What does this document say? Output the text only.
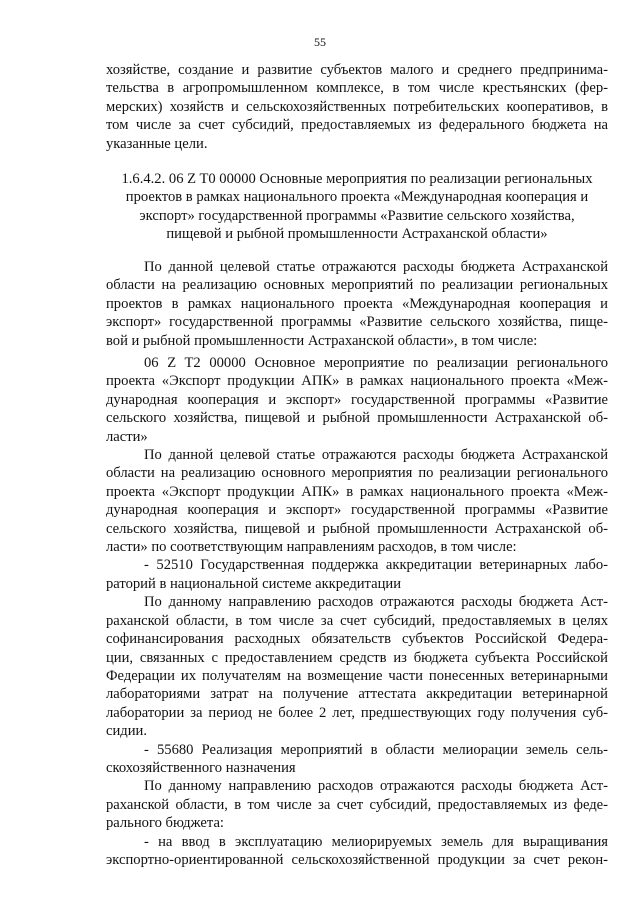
55
хозяйстве, создание и развитие субъектов малого и среднего предпринима-
тельства в агропромышленном комплексе, в том числе крестьянских (фер-
мерских) хозяйств и сельскохозяйственных потребительских кооперативов, в
том числе за счет субсидий, предоставляемых из федерального бюджета на
указанные цели.
1.6.4.2. 06 Z T0 00000 Основные мероприятия по реализации региональных
проектов в рамках национального проекта «Международная кооперация и
экспорт» государственной программы «Развитие сельского хозяйства,
пищевой и рыбной промышленности Астраханской области»
По данной целевой статье отражаются расходы бюджета Астраханской
области на реализацию основных мероприятий по реализации региональных
проектов в рамках национального проекта «Международная кооперация и
экспорт» государственной программы «Развитие сельского хозяйства, пище-
вой и рыбной промышленности Астраханской области», в том числе:
06 Z T2 00000 Основное мероприятие по реализации регионального
проекта «Экспорт продукции АПК» в рамках национального проекта «Меж-
дународная кооперация и экспорт» государственной программы «Развитие
сельского хозяйства, пищевой и рыбной промышленности Астраханской об-
ласти»
По данной целевой статье отражаются расходы бюджета Астраханской
области на реализацию основного мероприятия по реализации регионального
проекта «Экспорт продукции АПК» в рамках национального проекта «Меж-
дународная кооперация и экспорт» государственной программы «Развитие
сельского хозяйства, пищевой и рыбной промышленности Астраханской об-
ласти» по соответствующим направлениям расходов, в том числе:
- 52510 Государственная поддержка аккредитации ветеринарных лабо-
раторий в национальной системе аккредитации
По данному направлению расходов отражаются расходы бюджета Аст-
раханской области, в том числе за счет субсидий, предоставляемых в целях
софинансирования расходных обязательств субъектов Российской Федера-
ции, связанных с предоставлением средств из бюджета субъекта Российской
Федерации их получателям на возмещение части понесенных ветеринарными
лабораториями затрат на получение аттестата аккредитации ветеринарной
лаборатории за период не более 2 лет, предшествующих году получения суб-
сидии.
- 55680 Реализация мероприятий в области мелиорации земель сель-
скохозяйственного назначения
По данному направлению расходов отражаются расходы бюджета Аст-
раханской области, в том числе за счет субсидий, предоставляемых из феде-
рального бюджета:
- на ввод в эксплуатацию мелиорируемых земель для выращивания
экспортно-ориентированной сельскохозяйственной продукции за счет рекон-
